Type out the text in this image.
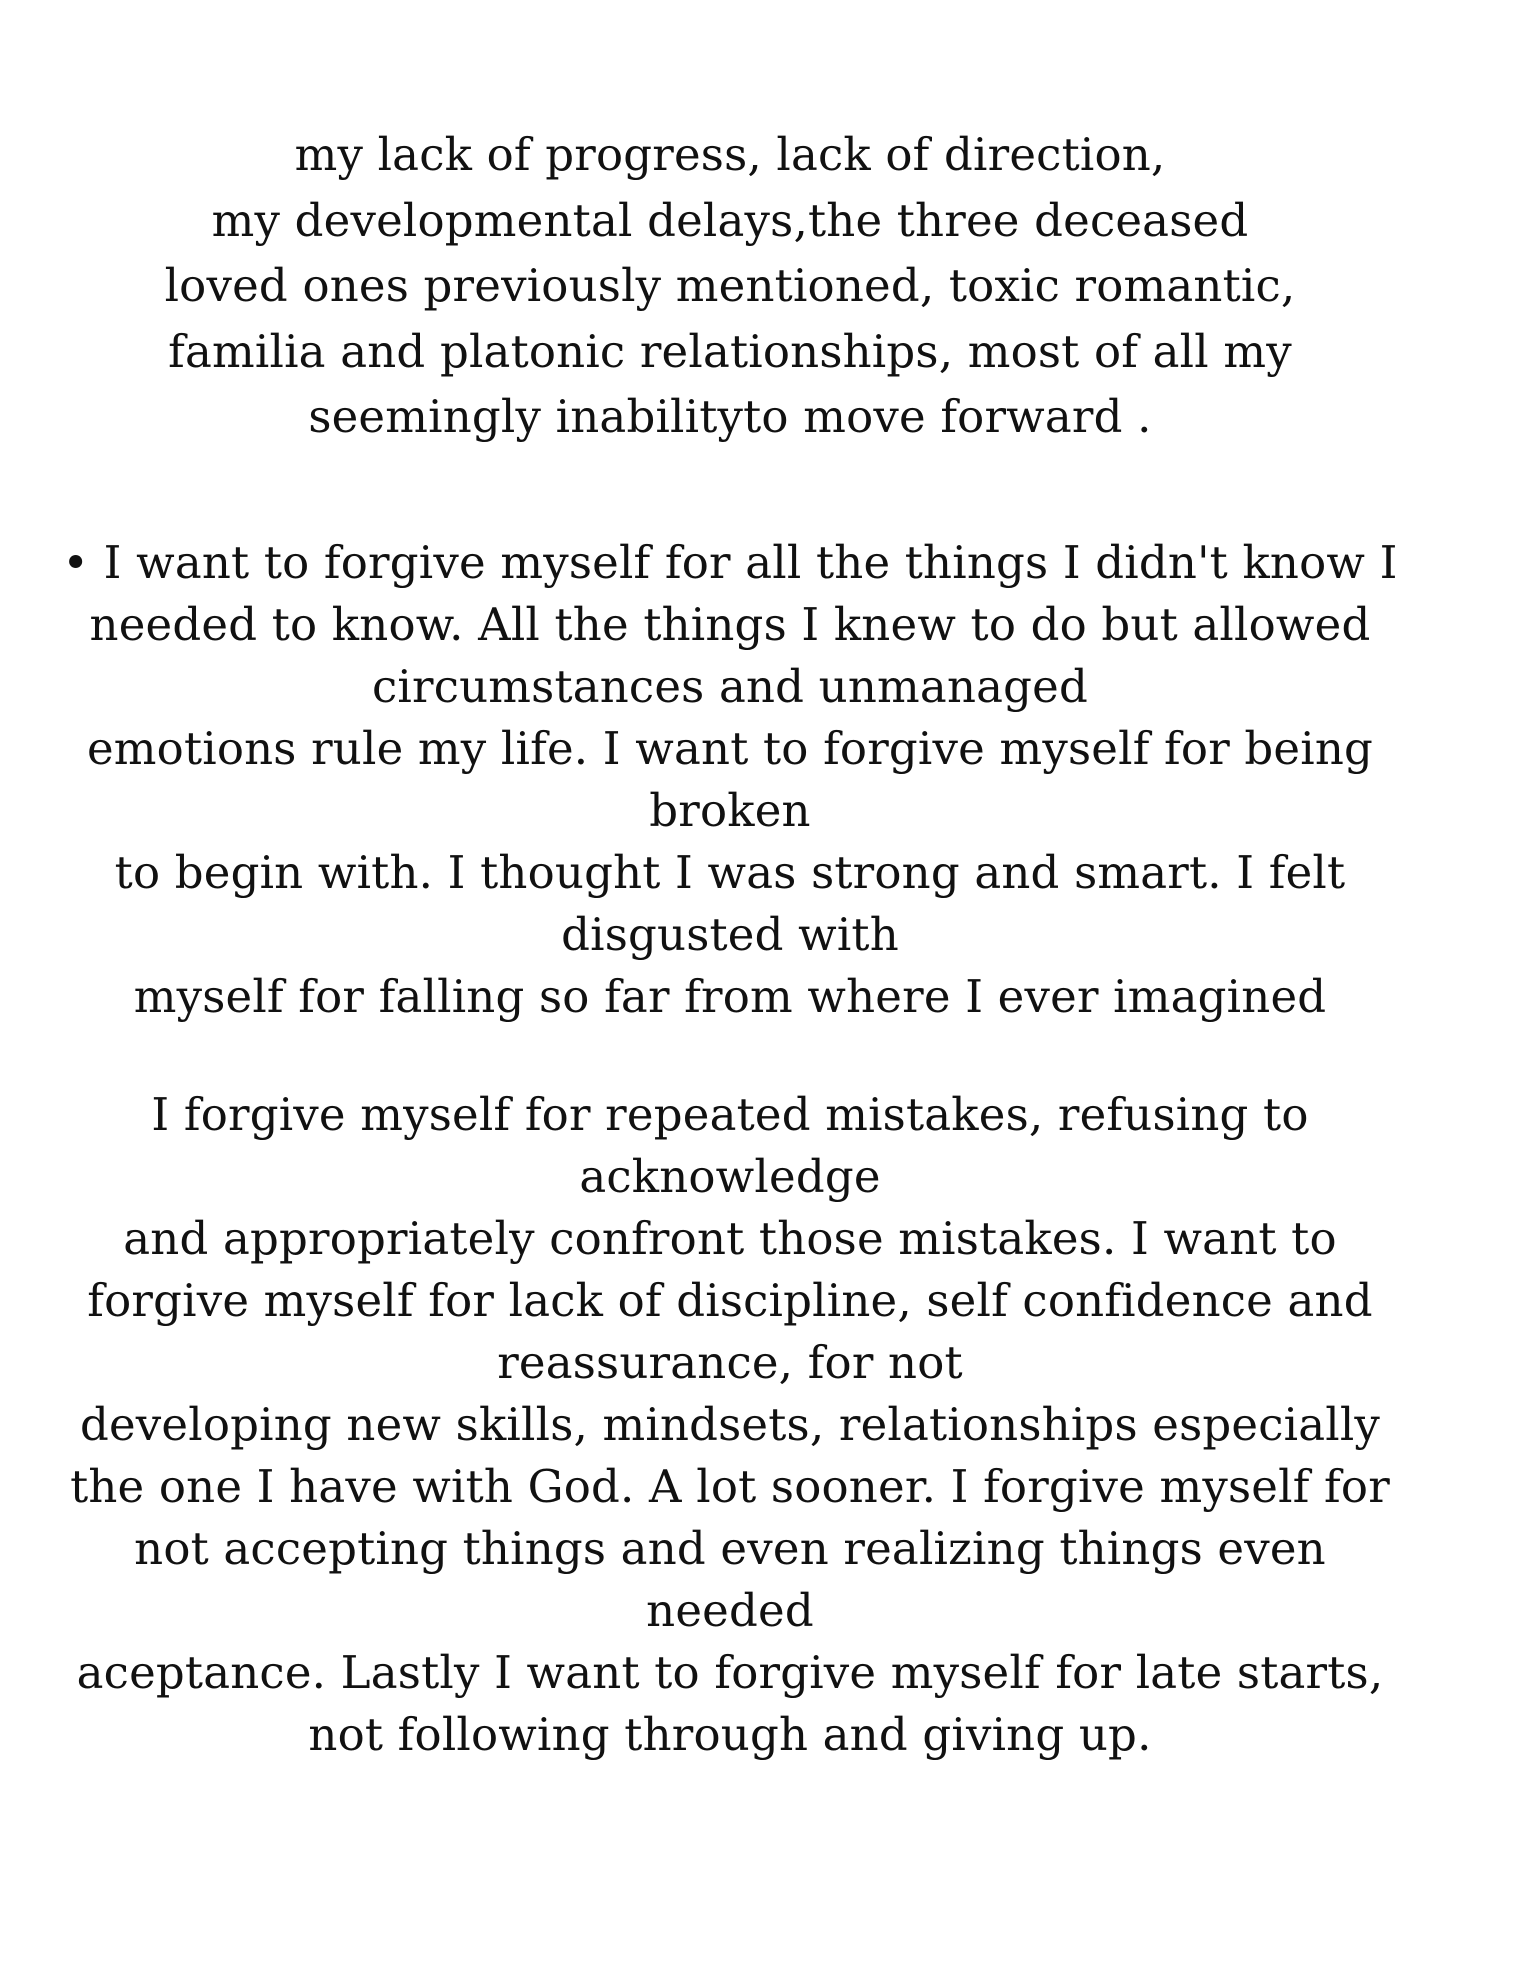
my lack of progress, lack of direction,
my developmental delays,the three deceased
loved ones previously mentioned, toxic romantic,
familia and platonic relationships, most of all my
seemingly inabilityto move forward .

• I want to forgive myself for all the things I didn't know I
needed to know. All the things I knew to do but allowed
circumstances and unmanaged
emotions rule my life. I want to forgive myself for being
broken
to begin with. I thought I was strong and smart. I felt
disgusted with
myself for falling so far from where I ever imagined

I forgive myself for repeated mistakes, refusing to
acknowledge
and appropriately confront those mistakes. I want to
forgive myself for lack of discipline, self confidence and
reassurance, for not
developing new skills, mindsets, relationships especially
the one I have with God. A lot sooner. I forgive myself for
not accepting things and even realizing things even
needed
aceptance. Lastly I want to forgive myself for late starts,
not following through and giving up.
